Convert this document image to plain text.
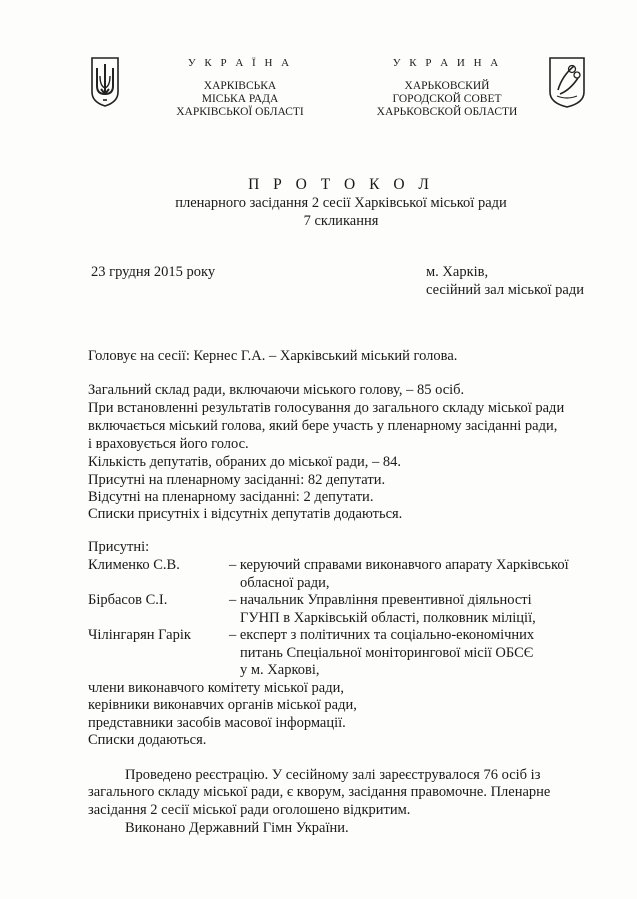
У К Р А Ї Н А
ХАРКІВСЬКА
МІСЬКА РАДА
ХАРКІВСЬКОЇ ОБЛАСТІ
У К Р А И Н А
ХАРЬКОВСКИЙ
ГОРОДСКОЙ СОВЕТ
ХАРЬКОВСКОЙ ОБЛАСТИ
П Р О Т О К О Л
пленарного засідання 2 сесії Харківської міської ради
7 скликання
23 грудня 2015 року	м. Харків,
сесійний зал міської ради
Головує на сесії: Кернес Г.А. – Харківський міський голова.
Загальний склад ради, включаючи міського голову, – 85 осіб.
При встановленні результатів голосування до загального складу міської ради
включається міський голова, який бере участь у пленарному засіданні ради,
і враховується його голос.
Кількість депутатів, обраних до міської ради, – 84.
Присутні на пленарному засіданні: 82 депутати.
Відсутні на пленарному засіданні: 2 депутати.
Списки присутніх і відсутніх депутатів додаються.
Присутні:
Клименко С.В.	– керуючий справами виконавчого апарату Харківської
обласної ради,
Бірбасов С.І.	– начальник Управління превентивної діяльності
ГУНП в Харківській області, полковник міліції,
Чілінгарян Гарік	– експерт з політичних та соціально-економічних
питань Спеціальної моніторингової місії ОБСЄ
у м. Харкові,
члени виконавчого комітету міської ради,
керівники виконавчих органів міської ради,
представники засобів масової інформації.
Списки додаються.
Проведено реєстрацію. У сесійному залі зареєструвалося 76 осіб із
загального складу міської ради, є кворум, засідання правомочне. Пленарне
засідання 2 сесії міської ради оголошено відкритим.
Виконано Державний Гімн України.
